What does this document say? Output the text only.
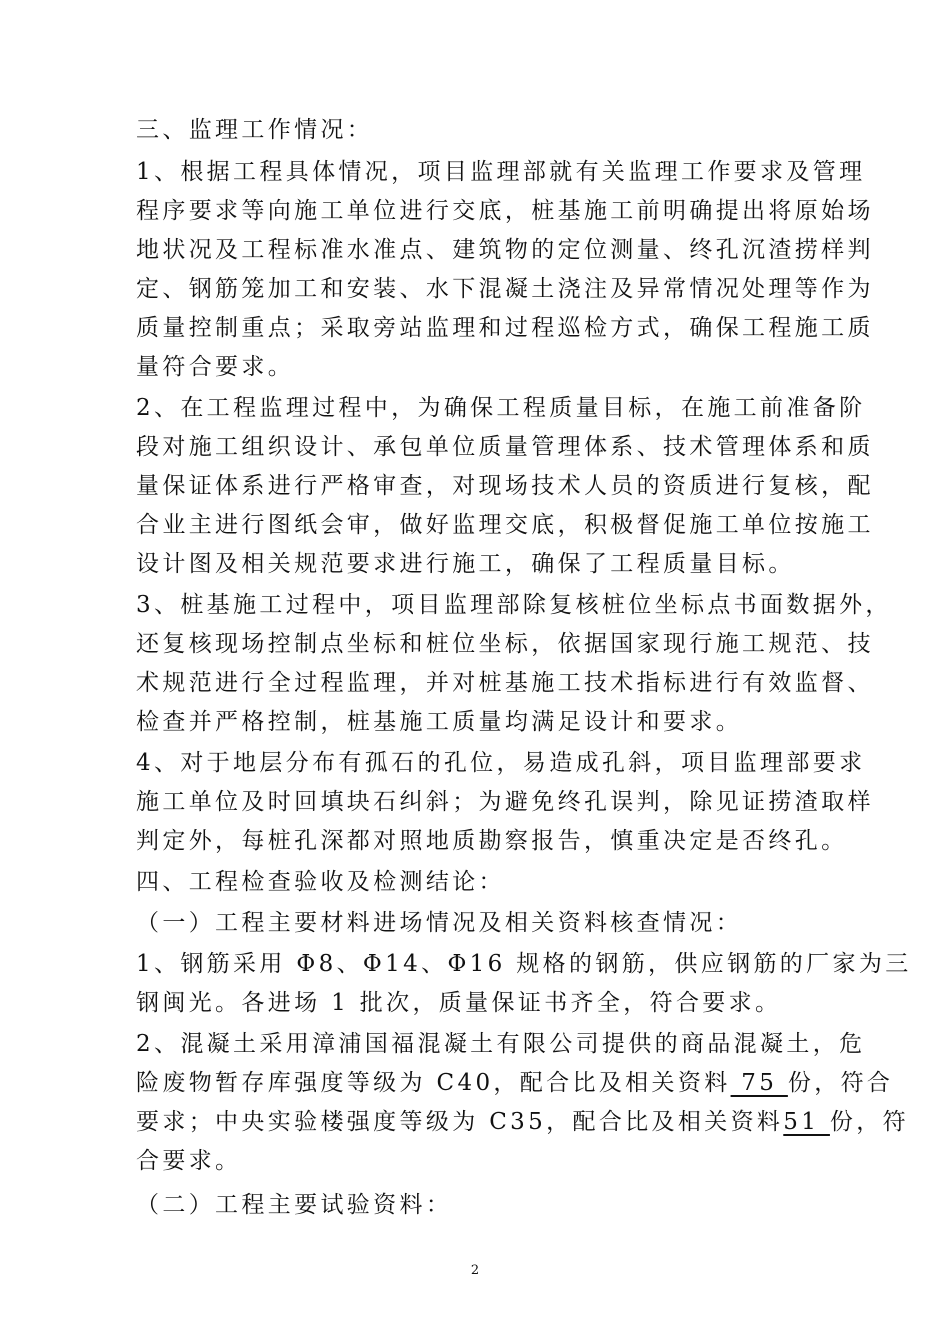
三、监理工作情况：
1、根据工程具体情况，项目监理部就有关监理工作要求及管理
程序要求等向施工单位进行交底，桩基施工前明确提出将原始场
地状况及工程标准水准点、建筑物的定位测量、终孔沉渣捞样判
定、钢筋笼加工和安装、水下混凝土浇注及异常情况处理等作为
质量控制重点；采取旁站监理和过程巡检方式，确保工程施工质
量符合要求。
2、在工程监理过程中，为确保工程质量目标，在施工前准备阶
段对施工组织设计、承包单位质量管理体系、技术管理体系和质
量保证体系进行严格审查，对现场技术人员的资质进行复核，配
合业主进行图纸会审，做好监理交底，积极督促施工单位按施工
设计图及相关规范要求进行施工，确保了工程质量目标。
3、桩基施工过程中，项目监理部除复核桩位坐标点书面数据外，
还复核现场控制点坐标和桩位坐标，依据国家现行施工规范、技
术规范进行全过程监理，并对桩基施工技术指标进行有效监督、
检查并严格控制，桩基施工质量均满足设计和要求。
4、对于地层分布有孤石的孔位，易造成孔斜，项目监理部要求
施工单位及时回填块石纠斜；为避免终孔误判，除见证捞渣取样
判定外，每桩孔深都对照地质勘察报告，慎重决定是否终孔。
四、工程检查验收及检测结论：
（一）工程主要材料进场情况及相关资料核查情况：
1、钢筋采用 Φ8、Φ14、Φ16 规格的钢筋，供应钢筋的厂家为三
钢闽光。各进场 1 批次，质量保证书齐全，符合要求。
2、混凝土采用漳浦国福混凝土有限公司提供的商品混凝土，危
险废物暂存库强度等级为 C40，配合比及相关资料 75 份，符合
要求；中央实验楼强度等级为 C35，配合比及相关资料51 份，符
合要求。
（二）工程主要试验资料：
2
